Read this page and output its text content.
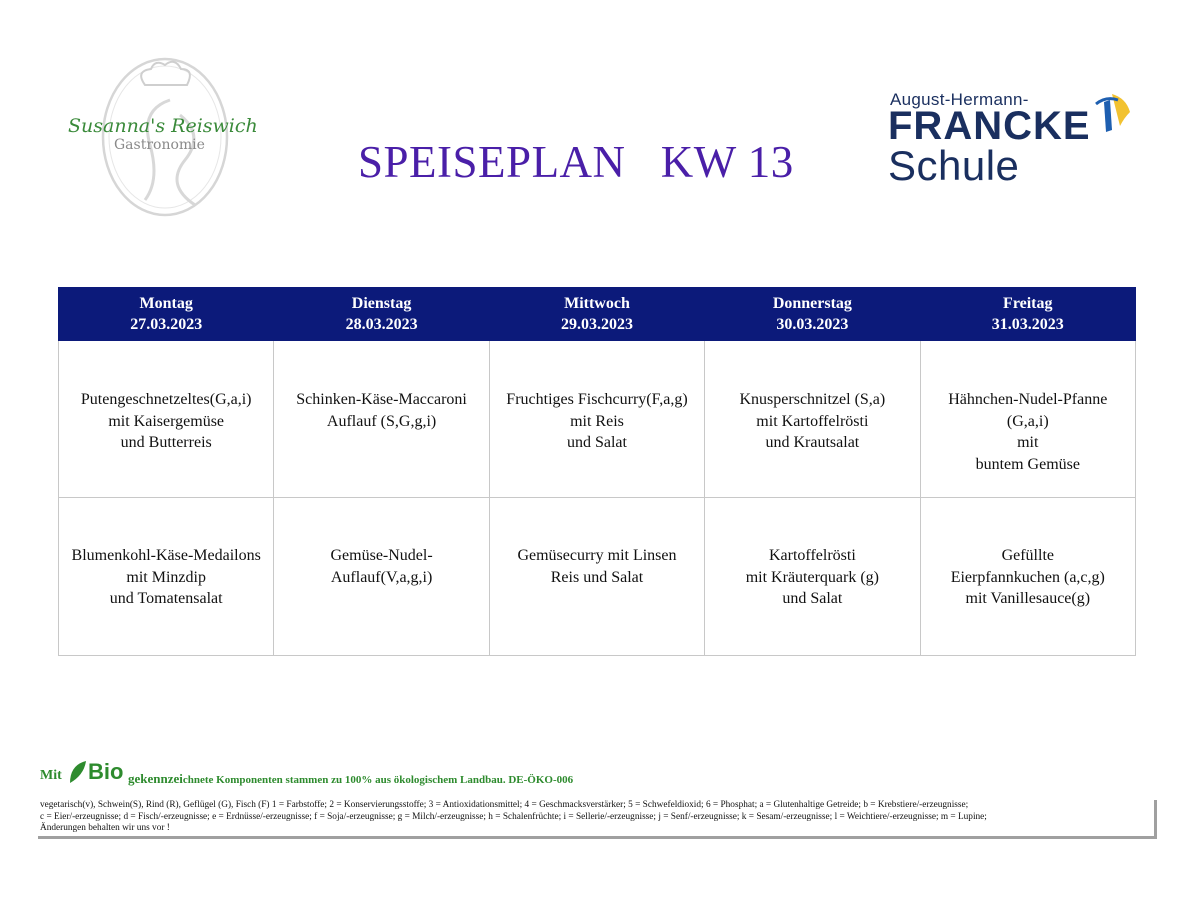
Susanna's Reiswich
Gastronomie	SPEISEPLAN   KW 13
August-Hermann-
FRANCKE
Schule
Montag
27.03.2023	Dienstag
28.03.2023	Mittwoch
29.03.2023	Donnerstag
30.03.2023	Freitag
31.03.2023

Putengeschnetzeltes(G,a,i)
mit Kaisergemüse
und Butterreis	Schinken-Käse-Maccaroni
Auflauf (S,G,g,i)	Fruchtiges Fischcurry(F,a,g)
mit Reis
und Salat	Knusperschnitzel (S,a)
mit Kartoffelrösti
und Krautsalat	Hähnchen-Nudel-Pfanne
(G,a,i)
mit
buntem Gemüse

Blumenkohl-Käse-Medailons
mit Minzdip
und Tomatensalat	Gemüse-Nudel-
Auflauf(V,a,g,i)	Gemüsecurry mit Linsen
Reis und Salat	Kartoffelrösti
mit Kräuterquark (g)
und Salat	Gefüllte
Eierpfannkuchen (a,c,g)
mit Vanillesauce(g)
Mit Bio gekennzeichnete Komponenten stammen zu 100% aus ökologischem Landbau. DE-ÖKO-006
vegetarisch(v), Schwein(S), Rind (R), Geflügel (G), Fisch (F) 1 = Farbstoffe; 2 = Konservierungsstoffe; 3 = Antioxidationsmittel; 4 = Geschmacksverstärker; 5 = Schwefeldioxid; 6 = Phosphat; a = Glutenhaltige Getreide; b = Krebstiere/-erzeugnisse;
c = Eier/-erzeugnisse; d = Fisch/-erzeugnisse; e = Erdnüsse/-erzeugnisse; f = Soja/-erzeugnisse; g = Milch/-erzeugnisse; h = Schalenfrüchte; i = Sellerie/-erzeugnisse; j = Senf/-erzeugnisse; k = Sesam/-erzeugnisse; l = Weichtiere/-erzeugnisse; m = Lupine;
Änderungen behalten wir uns vor !
